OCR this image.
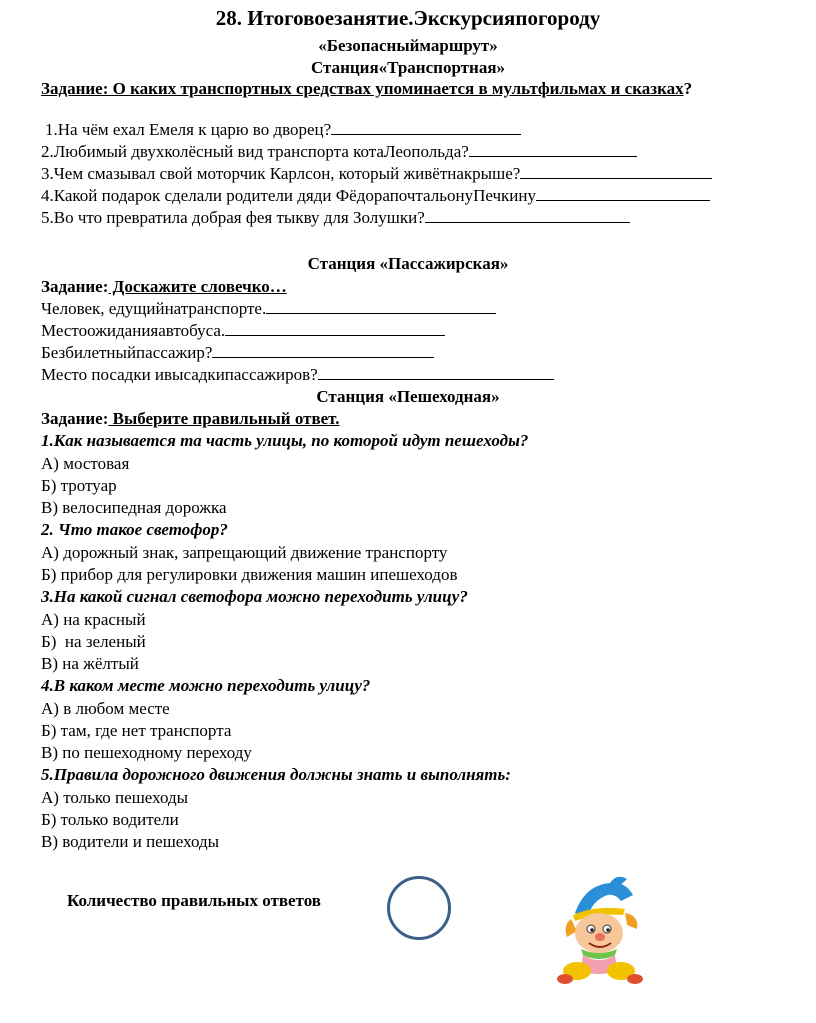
28. Итоговоезанятие.Экскурсияпогороду
«Безопасныймаршрут»
Станция«Транспортная»
Задание: О каких транспортных средствах упоминается в мультфильмах и сказках?
1.На чём ехал Емеля к царю во дворец?
2.Любимый двухколёсный вид транспорта котаЛеопольда?
3.Чем смазывал свой моторчик Карлсон, который живётнакрыше?
4.Какой подарок сделали родители дяди ФёдорапочтальонуПечкину
5.Во что превратила добрая фея тыкву для Золушки?
Станция «Пассажирская»
Задание: Доскажите словечко…
Человек, едущийнатранспорте.
Местоожиданияавтобуса.
Безбилетныйпассажир?
Место посадки ивысадкипассажиров?
Станция «Пешеходная»
Задание: Выберите правильный ответ.
1.Как называется та часть улицы, по которой идут пешеходы?
А) мостовая
Б) тротуар
В) велосипедная дорожка
2. Что такое светофор?
А) дорожный знак, запрещающий движение транспорту
Б) прибор для регулировки движения машин ипешеходов
3.На какой сигнал светофора можно переходить улицу?
А) на красный
Б)  на зеленый
В) на жёлтый
4.В каком месте можно переходить улицу?
А) в любом месте
Б) там, где нет транспорта
В) по пешеходному переходу
5.Правила дорожного движения должны знать и выполнять:
А) только пешеходы
Б) только водители
В) водители и пешеходы
Количество правильных ответов
